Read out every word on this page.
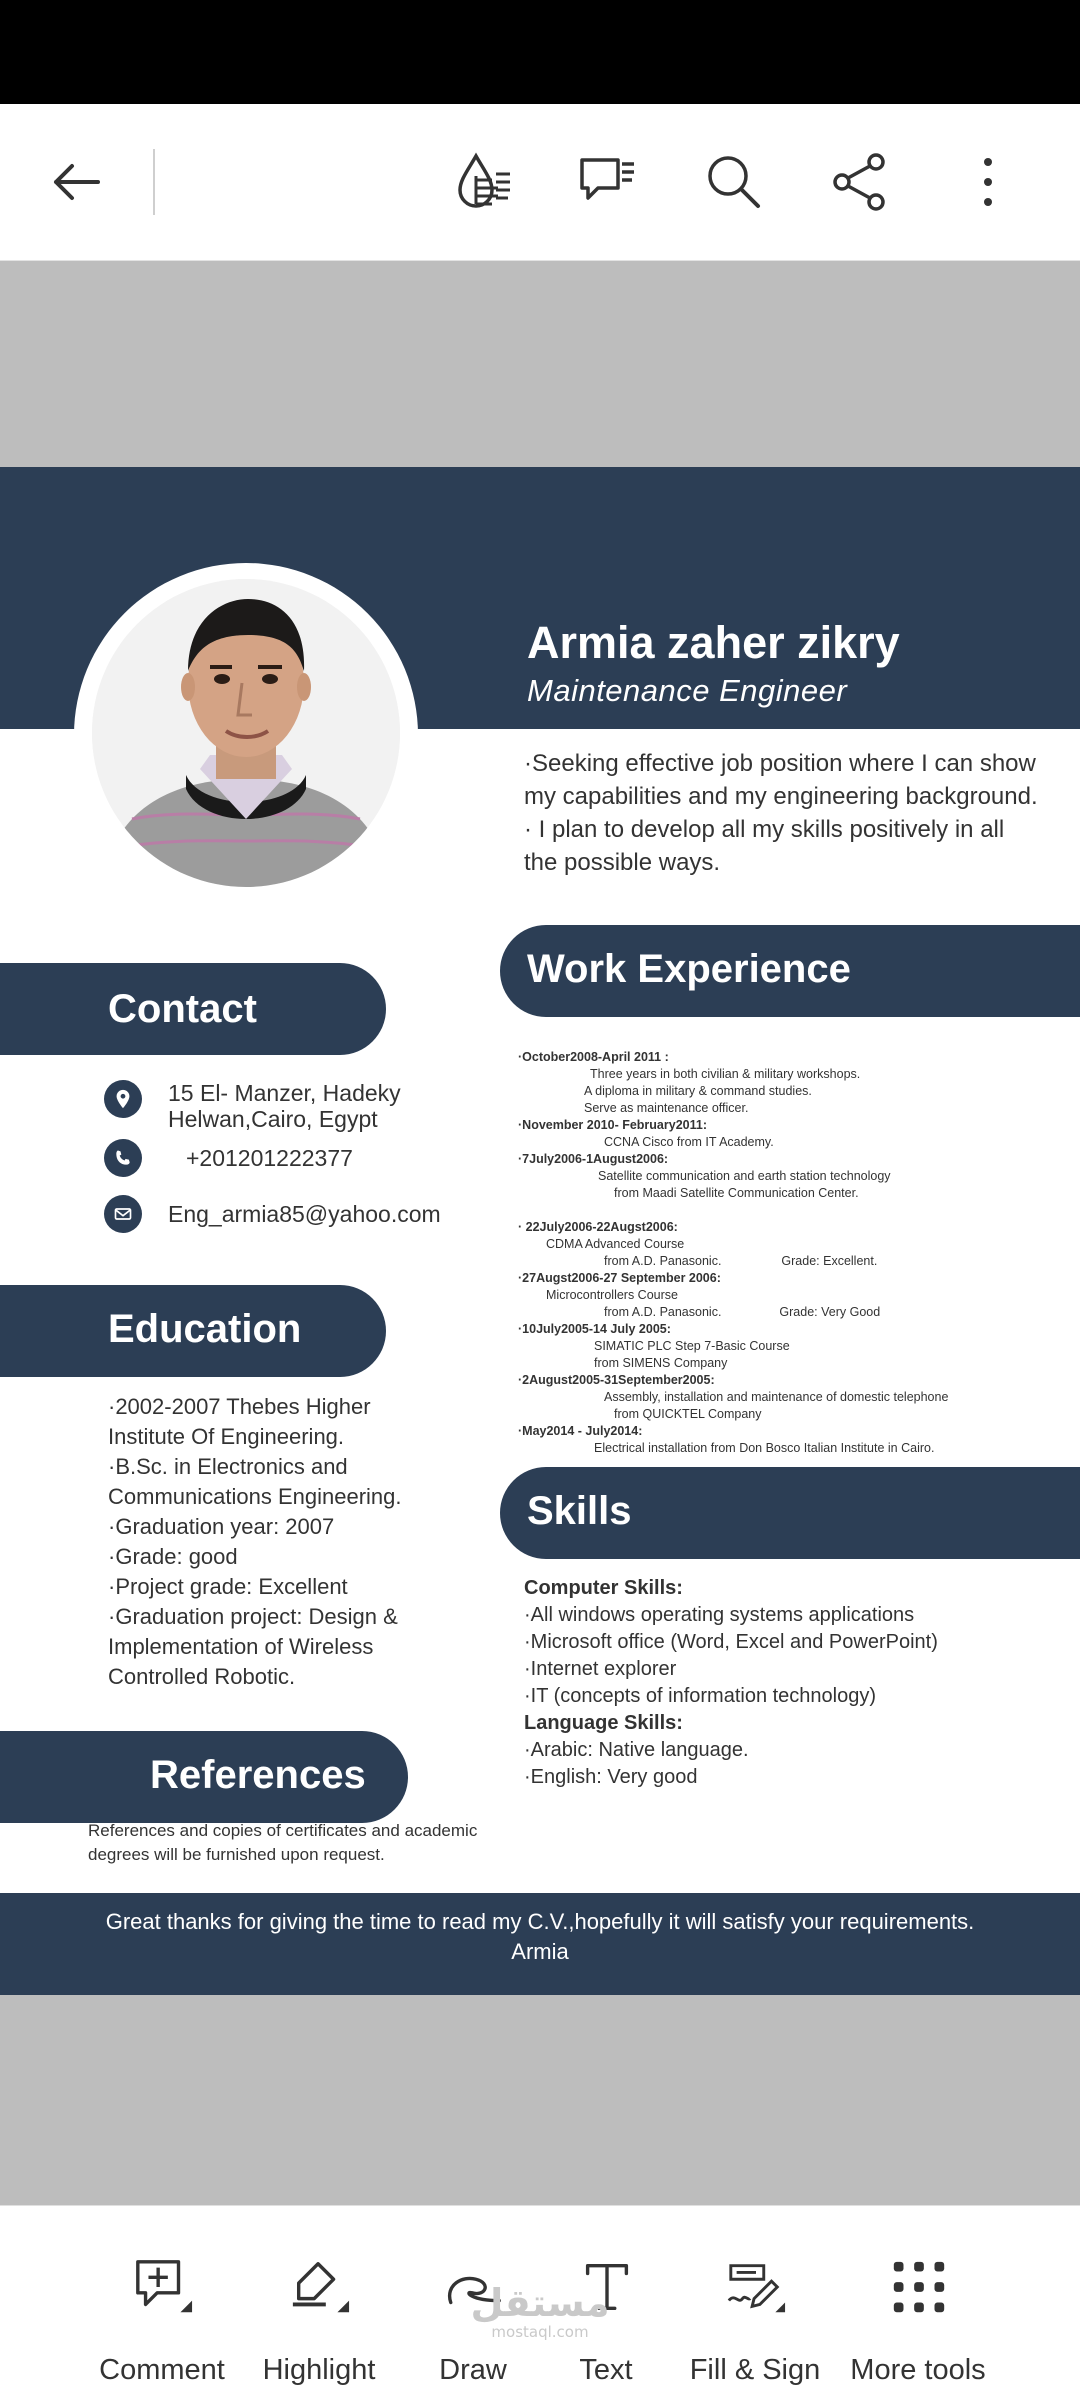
Armia zaher zikry
Maintenance Engineer

·Seeking effective job position where I can show my capabilities and my engineering background.

· I plan to develop all my skills positively in all the possible ways.

Contact
15 El- Manzer, Hadeky
Helwan,Cairo, Egypt
+201201222377
Eng_armia85@yahoo.com
Education

·2002-2007 Thebes Higher Institute Of Engineering.

·B.Sc. in Electronics and Communications Engineering.

·Graduation year: 2007

·Grade: good

·Project grade: Excellent

·Graduation project: Design & Implementation of Wireless Controlled Robotic.

References
References and copies of certificates and academic degrees will be furnished upon request.
Work Experience
·October2008-April 2011 :
Three years in both civilian & military workshops.
A diploma in military & command studies.
Serve as maintenance officer.
·November 2010- February2011:
CCNA Cisco from IT Academy.
·7July2006-1August2006:
Satellite communication and earth station technology
from Maadi Satellite Communication Center.
· 22July2006-22Augst2006:
CDMA Advanced Course
from A.D. Panasonic.	Grade: Excellent.
·27Augst2006-27 September 2006:
Microcontrollers Course
from A.D. Panasonic.	Grade: Very Good
·10July2005-14 July 2005:
SIMATIC PLC Step 7-Basic Course
from SIMENS Company
·2August2005-31September2005:
Assembly, installation and maintenance of domestic telephone
from QUICKTEL Company
·May2014 - July2014:
Electrical installation from Don Bosco Italian Institute in Cairo.
Skills

Computer Skills:

·All windows operating systems applications

·Microsoft office (Word, Excel and PowerPoint)

·Internet explorer

·IT (concepts of information technology)

Language Skills:

·Arabic: Native language.

·English: Very good

Great thanks for giving the time to read my C.V.,hopefully it will satisfy your requirements.
Armia
Comment	Highlight	Draw	Text	Fill & Sign	More tools
مستقل
mostaql.com
